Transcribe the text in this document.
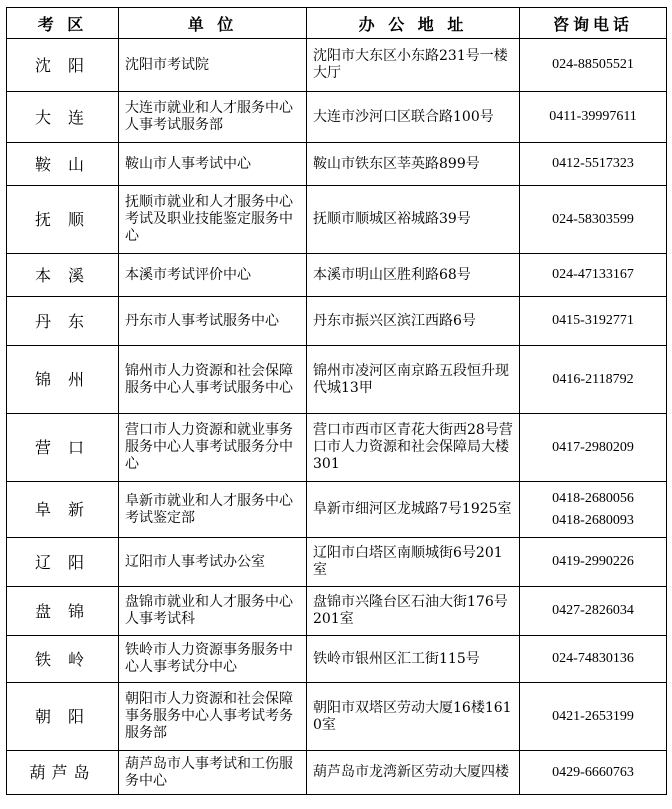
考 区	单 位	办 公 地 址	咨询电话
沈 阳	沈阳市考试院	沈阳市大东区小东路231号一楼大厅	024-88505521

大 连	大连市就业和人才服务中心人事考试服务部	大连市沙河口区联合路100号	0411-39997611

鞍 山	鞍山市人事考试中心	鞍山市铁东区莘英路899号	0412-5517323

抚 顺	抚顺市就业和人才服务中心考试及职业技能鉴定服务中心	抚顺市顺城区裕城路39号	024-58303599

本 溪	本溪市考试评价中心	本溪市明山区胜利路68号	024-47133167

丹 东	丹东市人事考试服务中心	丹东市振兴区滨江西路6号	0415-3192771

锦 州	锦州市人力资源和社会保障服务中心人事考试服务中心	锦州市凌河区南京路五段恒升现代城13甲	0416-2118792

营 口	营口市人力资源和就业事务服务中心人事考试服务分中心	营口市西市区青花大街西28号营口市人力资源和社会保障局大楼301	0417-2980209

阜 新	阜新市就业和人才服务中心考试鉴定部	阜新市细河区龙城路7号1925室	0418-2680056
0418-2680093

辽 阳	辽阳市人事考试办公室	辽阳市白塔区南顺城街6号201室	0419-2990226

盘 锦	盘锦市就业和人才服务中心人事考试科	盘锦市兴隆台区石油大街176号201室	0427-2826034

铁 岭	铁岭市人力资源事务服务中心人事考试分中心	铁岭市银州区汇工街115号	024-74830136

朝 阳	朝阳市人力资源和社会保障事务服务中心人事考试考务服务部	朝阳市双塔区劳动大厦16楼1610室	0421-2653199

葫芦岛	葫芦岛市人事考试和工伤服务中心	葫芦岛市龙湾新区劳动大厦四楼	0429-6660763
